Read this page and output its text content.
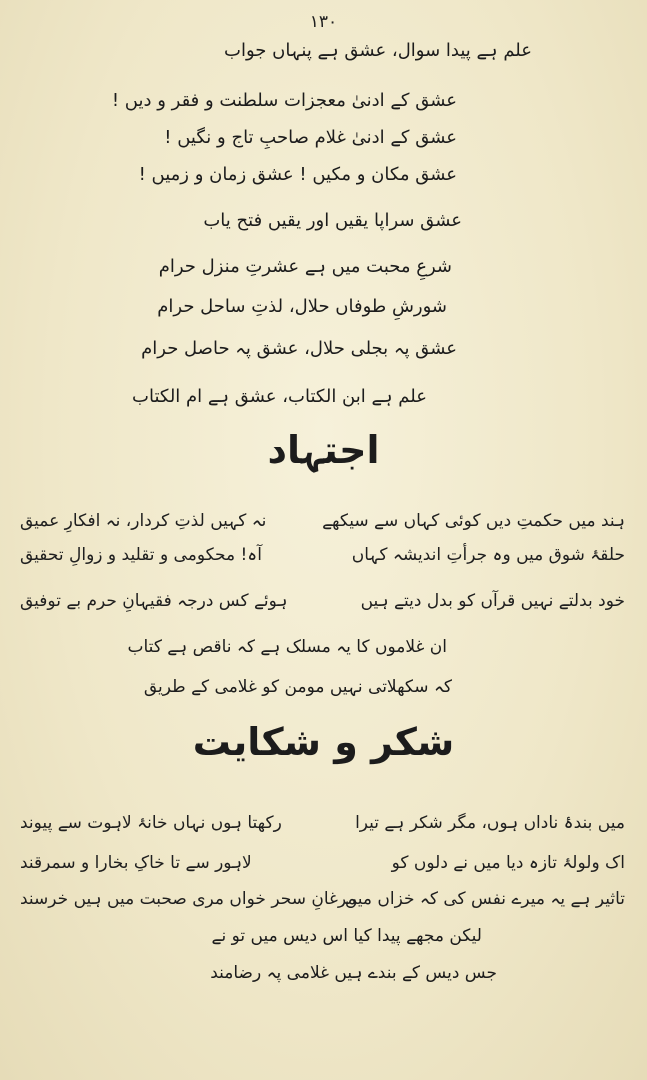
۱۳۰
علم ہے پیدا سوال، عشق ہے پنہاں جواب
عشق کے ادنیٰ معجزات سلطنت و فقر و دیں !
عشق کے ادنیٰ غلام صاحبِ تاج و نگیں !
عشق مکان و مکیں ! عشق زمان و زمیں !
عشق سراپا یقیں اور یقیں فتح یاب
شرعِ محبت میں ہے عشرتِ منزل حرام
شورشِ طوفاں حلال، لذتِ ساحل حرام
عشق پہ بجلی حلال، عشق پہ حاصل حرام
علم ہے ابن الکتاب، عشق ہے ام الکتاب
اجتہاد
ہند میں حکمتِ دیں کوئی کہاں سے سیکھے
نہ کہیں لذتِ کردار، نہ افکارِ عمیق
حلقۂ شوق میں وہ جرأتِ اندیشہ کہاں
آہ! محکومی و تقلید و زوالِ تحقیق
خود بدلتے نہیں قرآں کو بدل دیتے ہیں
ہوئے کس درجہ فقیہانِ حرم بے توفیق
ان غلاموں کا یہ مسلک ہے کہ ناقص ہے کتاب
کہ سکھلاتی نہیں مومن کو غلامی کے طریق
شکر و شکایت
میں بندۂ ناداں ہوں، مگر شکر ہے تیرا
رکھتا ہوں نہاں خانۂ لاہوت سے پیوند
اک ولولۂ تازہ دیا میں نے دلوں کو
لاہور سے تا خاکِ بخارا و سمرقند
تاثیر ہے یہ میرے نفس کی کہ خزاں میں
مرغانِ سحر خواں مری صحبت میں ہیں خرسند
لیکن مجھے پیدا کیا اس دیس میں تو نے
جس دیس کے بندے ہیں غلامی پہ رضامند
